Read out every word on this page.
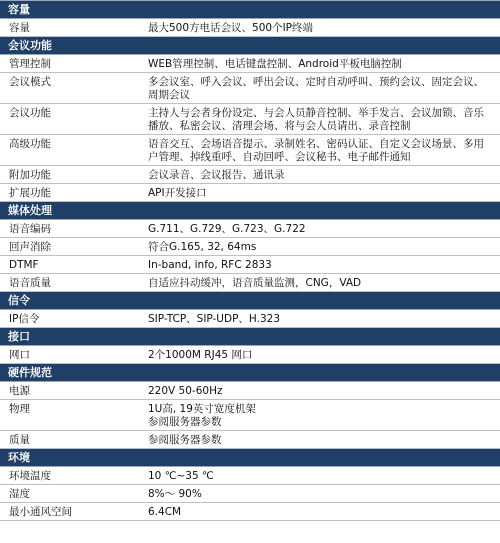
容量
容量	最大500方电话会议、500个IP终端
会议功能
管理控制	WEB管理控制、电话键盘控制、Android平板电脑控制
会议模式	多会议室、呼入会议、呼出会议、定时自动呼叫、预约会议、固定会议、周期会议
会议功能	主持人与会者身份设定、与会人员静音控制、举手发言、会议加锁、音乐播放、私密会议、清理会场、将与会人员请出、录音控制
高级功能	语音交互、会场语音提示、录制姓名、密码认证、自定义会议场景、多用户管理、掉线重呼、自动回呼、会议秘书、电子邮件通知
附加功能	会议录音、会议报告、通讯录
扩展功能	API开发接口
媒体处理
语音编码	G.711、G.729、G.723、G.722
回声消除	符合G.165, 32, 64ms
DTMF	In-band, info, RFC 2833
语音质量	自适应抖动缓冲，语音质量监测，CNG，VAD
信令
IP信令	SIP-TCP、SIP-UDP、H.323
接口
网口	2个1000M RJ45 网口
硬件规范
电源	220V 50-60Hz
物理	1U高, 19英寸宽度机架
参阅服务器参数
质量	参阅服务器参数
环境
环境温度	10 ℃~35 ℃
湿度	8%～ 90%
最小通风空间	6.4CM
